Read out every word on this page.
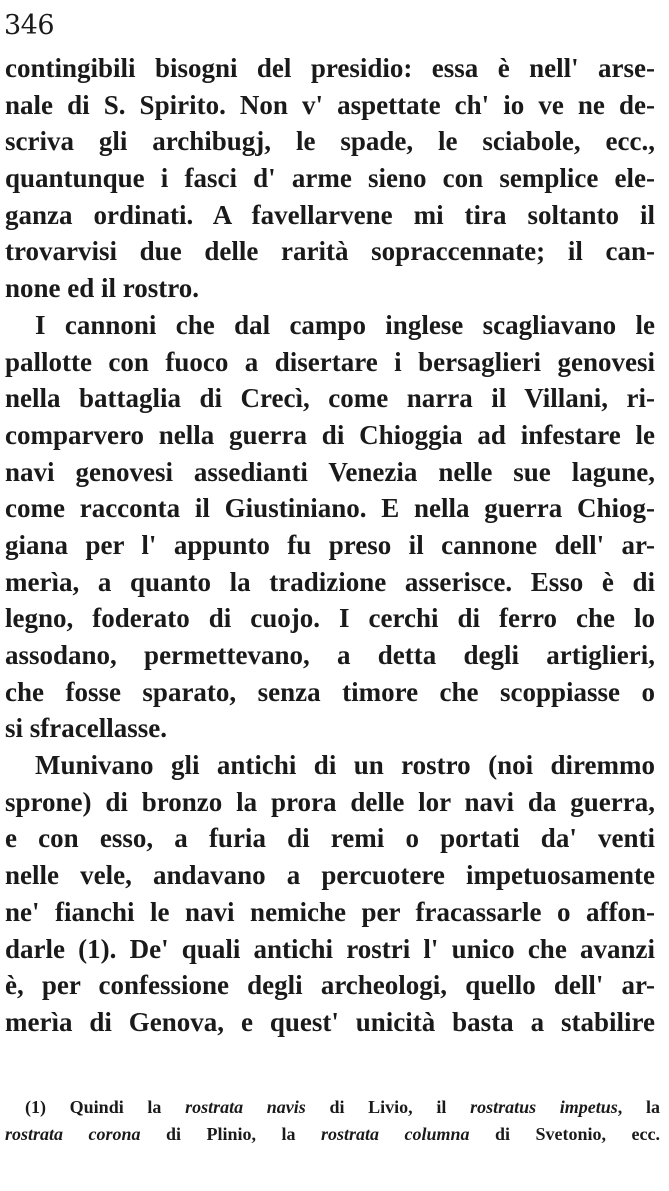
346
contingibili bisogni del presidio: essa è nell' arse-
nale di S. Spirito. Non v' aspettate ch' io ve ne de-
scriva gli archibugj, le spade, le sciabole, ecc.,
quantunque i fasci d' arme sieno con semplice ele-
ganza ordinati. A favellarvene mi tira soltanto il
trovarvisi due delle rarità sopraccennate; il can-
none ed il rostro.
I cannoni che dal campo inglese scagliavano le
pallotte con fuoco a disertare i bersaglieri genovesi
nella battaglia di Crecì, come narra il Villani, ri-
comparvero nella guerra di Chioggia ad infestare le
navi genovesi assedianti Venezia nelle sue lagune,
come racconta il Giustiniano. E nella guerra Chiog-
giana per l' appunto fu preso il cannone dell' ar-
merìa, a quanto la tradizione asserisce. Esso è di
legno, foderato di cuojo. I cerchi di ferro che lo
assodano, permettevano, a detta degli artiglieri,
che fosse sparato, senza timore che scoppiasse o
si sfracellasse.
Munivano gli antichi di un rostro (noi diremmo
sprone) di bronzo la prora delle lor navi da guerra,
e con esso, a furia di remi o portati da' venti
nelle vele, andavano a percuotere impetuosamente
ne' fianchi le navi nemiche per fracassarle o affon-
darle (1). De' quali antichi rostri l' unico che avanzi
è, per confessione degli archeologi, quello dell' ar-
merìa di Genova, e quest' unicità basta a stabilire
(1) Quindi la rostrata navis di Livio, il rostratus impetus, la
rostrata corona di Plinio, la rostrata columna di Svetonio, ecc.
